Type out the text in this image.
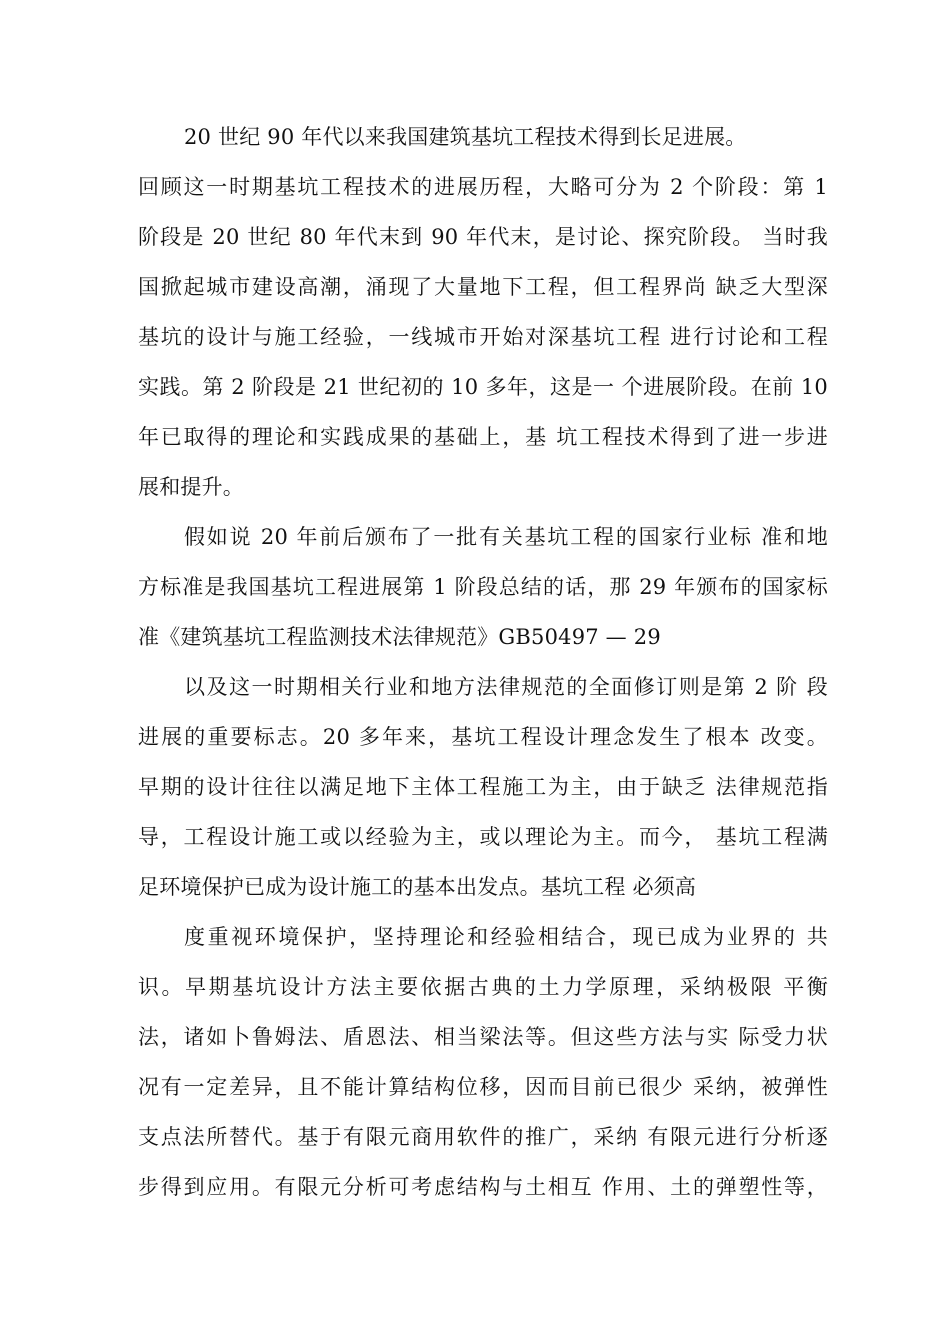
20 世纪 90 年代以来我国建筑基坑工程技术得到长足进展。
回顾这一时期基坑工程技术的进展历程，大略可分为 2 个阶段：第 1
阶段是 20 世纪 80 年代末到 90 年代末，是讨论、探究阶段。 当时我
国掀起城市建设高潮，涌现了大量地下工程，但工程界尚 缺乏大型深
基坑的设计与施工经验，一线城市开始对深基坑工程 进行讨论和工程
实践。第 2 阶段是 21 世纪初的 10 多年，这是一 个进展阶段。在前 10
年已取得的理论和实践成果的基础上，基 坑工程技术得到了进一步进
展和提升。
假如说 20 年前后颁布了一批有关基坑工程的国家行业标 准和地
方标准是我国基坑工程进展第 1 阶段总结的话，那 29 年颁布的国家标
准《建筑基坑工程监测技术法律规范》GB50497 — 29
以及这一时期相关行业和地方法律规范的全面修订则是第 2 阶 段
进展的重要标志。20 多年来，基坑工程设计理念发生了根本 改变。
早期的设计往往以满足地下主体工程施工为主，由于缺乏 法律规范指
导，工程设计施工或以经验为主，或以理论为主。而今， 基坑工程满
足环境保护已成为设计施工的基本出发点。基坑工程 必须高
度重视环境保护，坚持理论和经验相结合，现已成为业界的 共
识。早期基坑设计方法主要依据古典的土力学原理，采纳极限 平衡
法，诸如卜鲁姆法、盾恩法、相当梁法等。但这些方法与实 际受力状
况有一定差异，且不能计算结构位移，因而目前已很少 采纳，被弹性
支点法所替代。基于有限元商用软件的推广，采纳 有限元进行分析逐
步得到应用。有限元分析可考虑结构与土相互 作用、土的弹塑性等，
